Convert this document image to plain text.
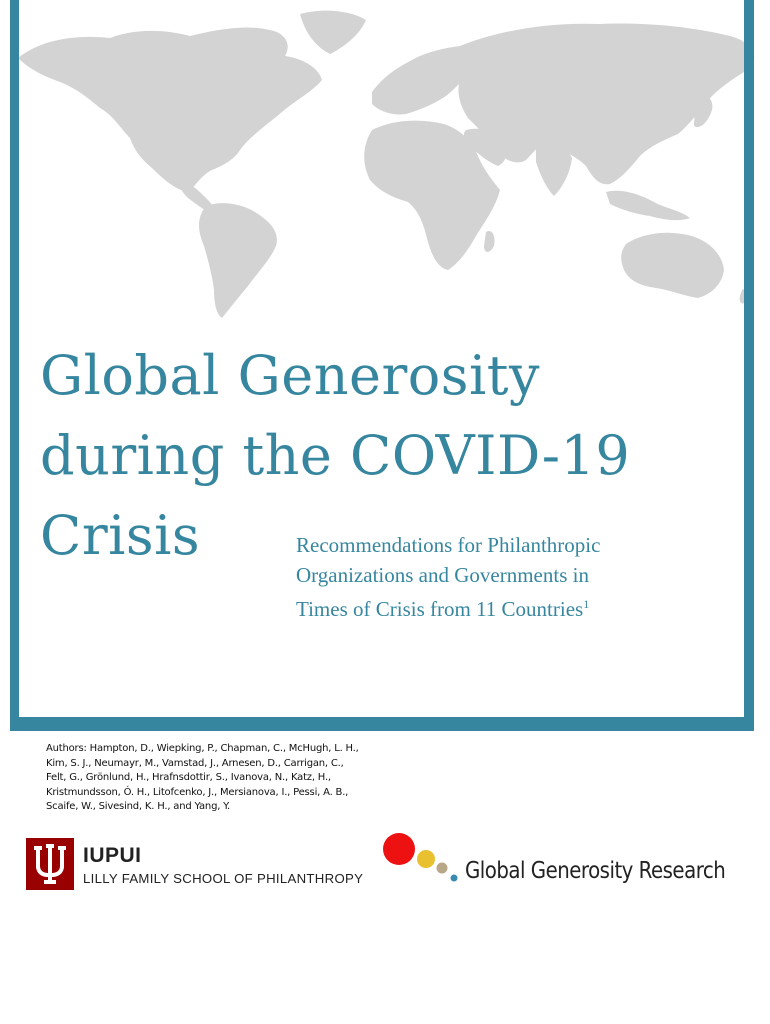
Global Generosity
during the COVID-19
Crisis	Recommendations for Philanthropic
Organizations and Governments in
Times of Crisis from 11 Countries$^1$
Authors: Hampton, D., Wiepking, P., Chapman, C., McHugh, L. H., Kim, S. J., Neumayr, M., Vamstad, J., Arnesen, D., Carrigan, C., Felt, G., Grönlund, H., Hrafnsdottir, S., Ivanova, N., Katz, H., Kristmundsson, Ó. H., Litofcenko, J., Mersianova, I., Pessi, A. B., Scaife, W., Sivesind, K. H., and Yang, Y.
IUPUI
LILLY FAMILY SCHOOL OF PHILANTHROPY	Global Generosity Research
